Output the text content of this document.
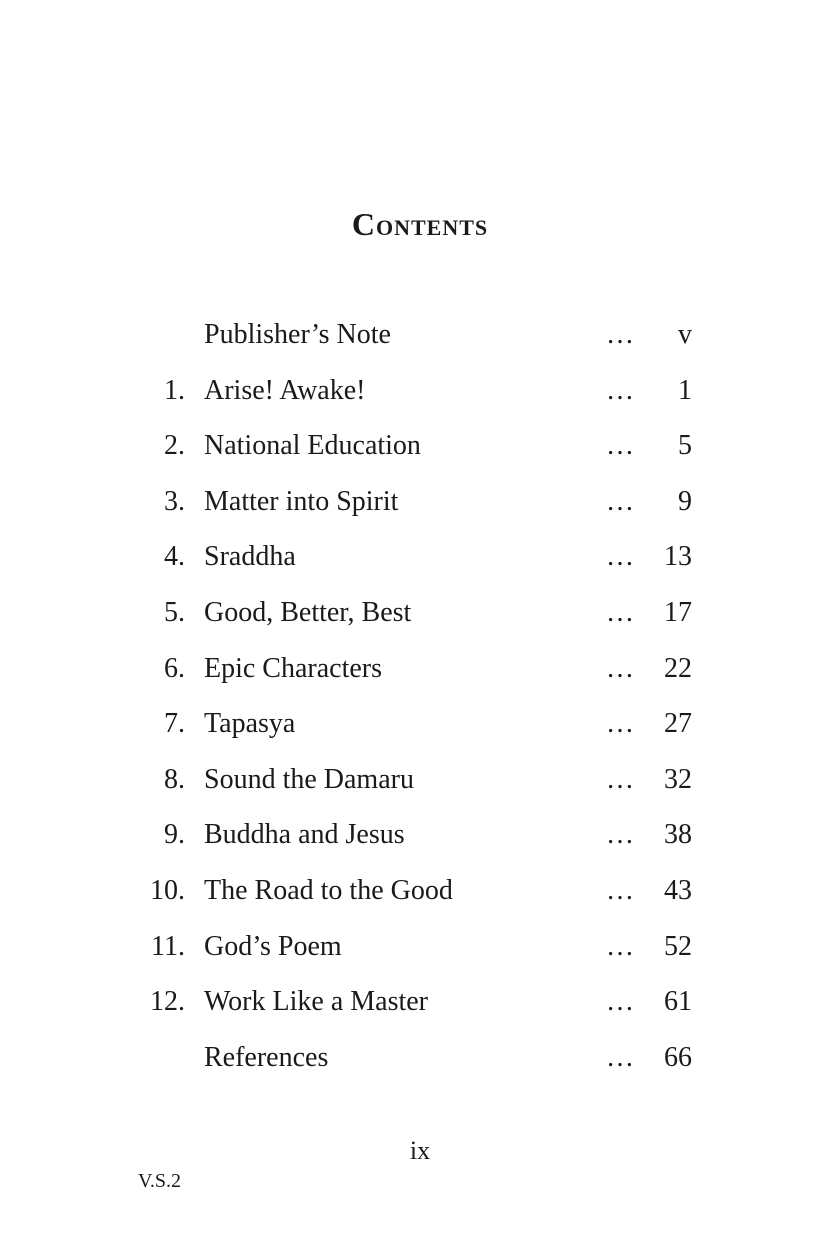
Contents
Publisher’s Note	… v
1. Arise! Awake!	… 1
2. National Education	… 5
3. Matter into Spirit	… 9
4. Sraddha	… 13
5. Good, Better, Best	… 17
6. Epic Characters	… 22
7. Tapasya	… 27
8. Sound the Damaru	… 32
9. Buddha and Jesus	… 38
10. The Road to the Good	… 43
11. God’s Poem	… 52
12. Work Like a Master	… 61
References	… 66
ix
V.S.2
